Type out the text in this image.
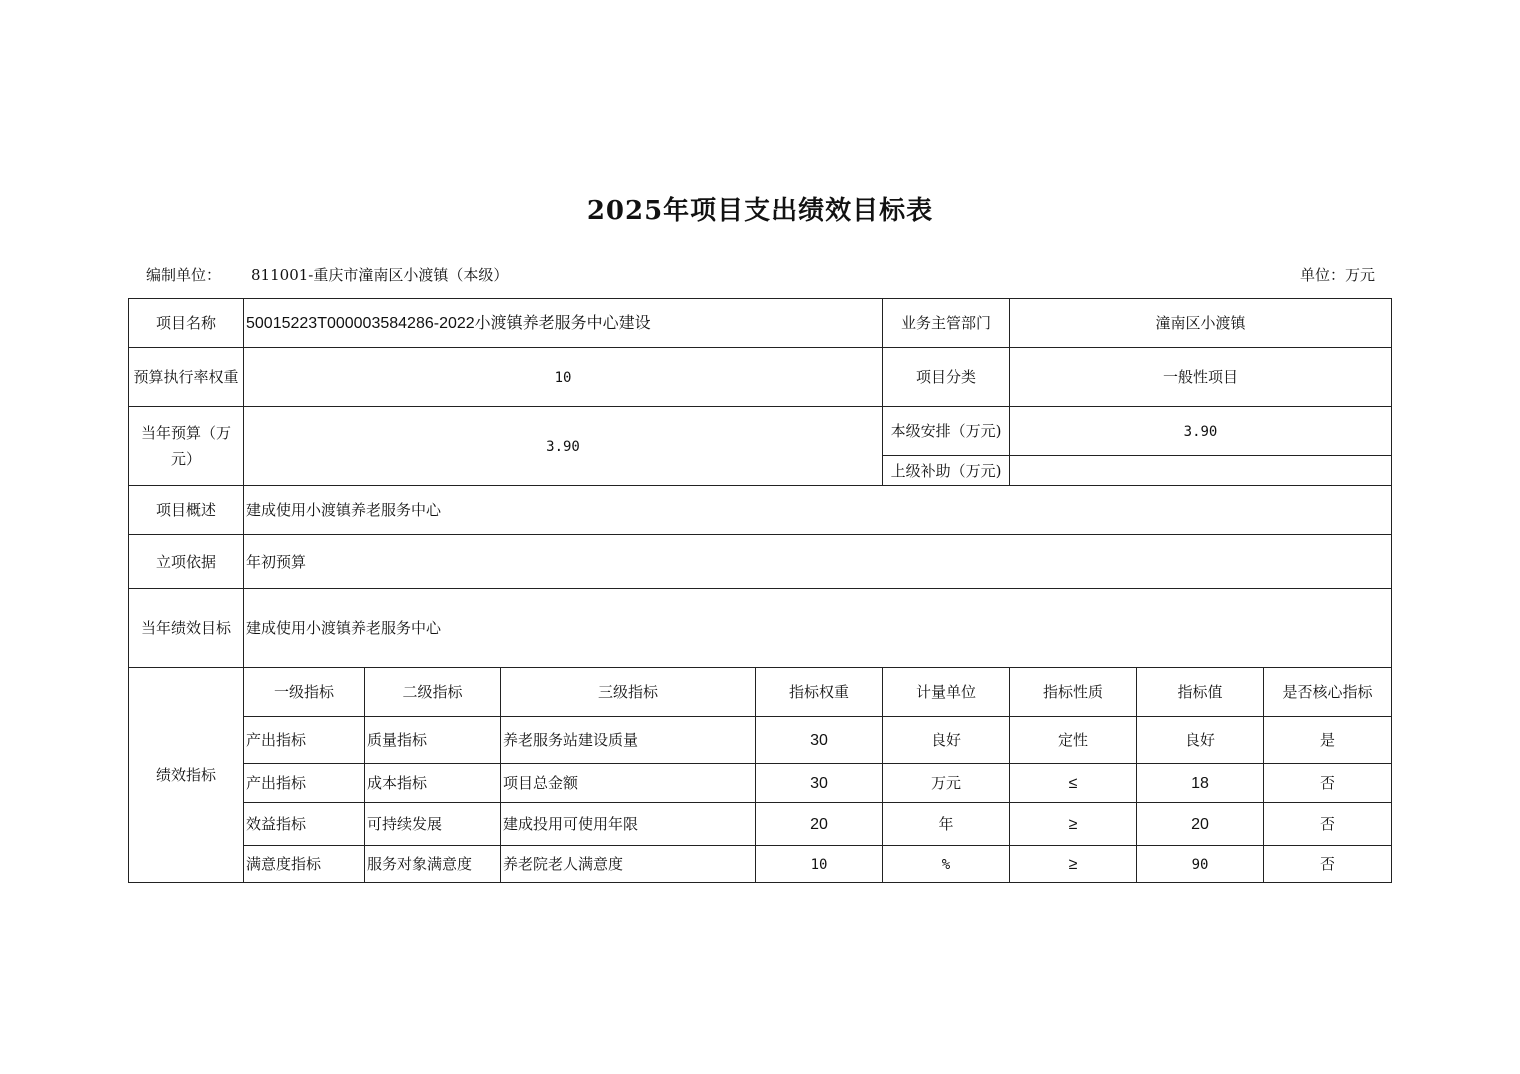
2025年项目支出绩效目标表
编制单位： 811001-重庆市潼南区小渡镇（本级）	单位：万元
项目名称	50015223T000003584286-2022小渡镇养老服务中心建设				业务主管部门	潼南区小渡镇		
预算执行率权重	10				项目分类	一般性项目		
当年预算（万元）	3.90				本级安排（万元)	3.90		
					上级补助（万元)			
项目概述	建成使用小渡镇养老服务中心							
立项依据	年初预算							
当年绩效目标	建成使用小渡镇养老服务中心							
绩效指标	一级指标	二级指标	三级指标	指标权重	计量单位	指标性质	指标值	是否核心指标
	产出指标	质量指标	养老服务站建设质量	30	良好	定性	良好	是
	产出指标	成本指标	项目总金额	30	万元	≤	18	否
	效益指标	可持续发展	建成投用可使用年限	20	年	≥	20	否
	满意度指标	服务对象满意度	养老院老人满意度	10	%	≥	90	否
